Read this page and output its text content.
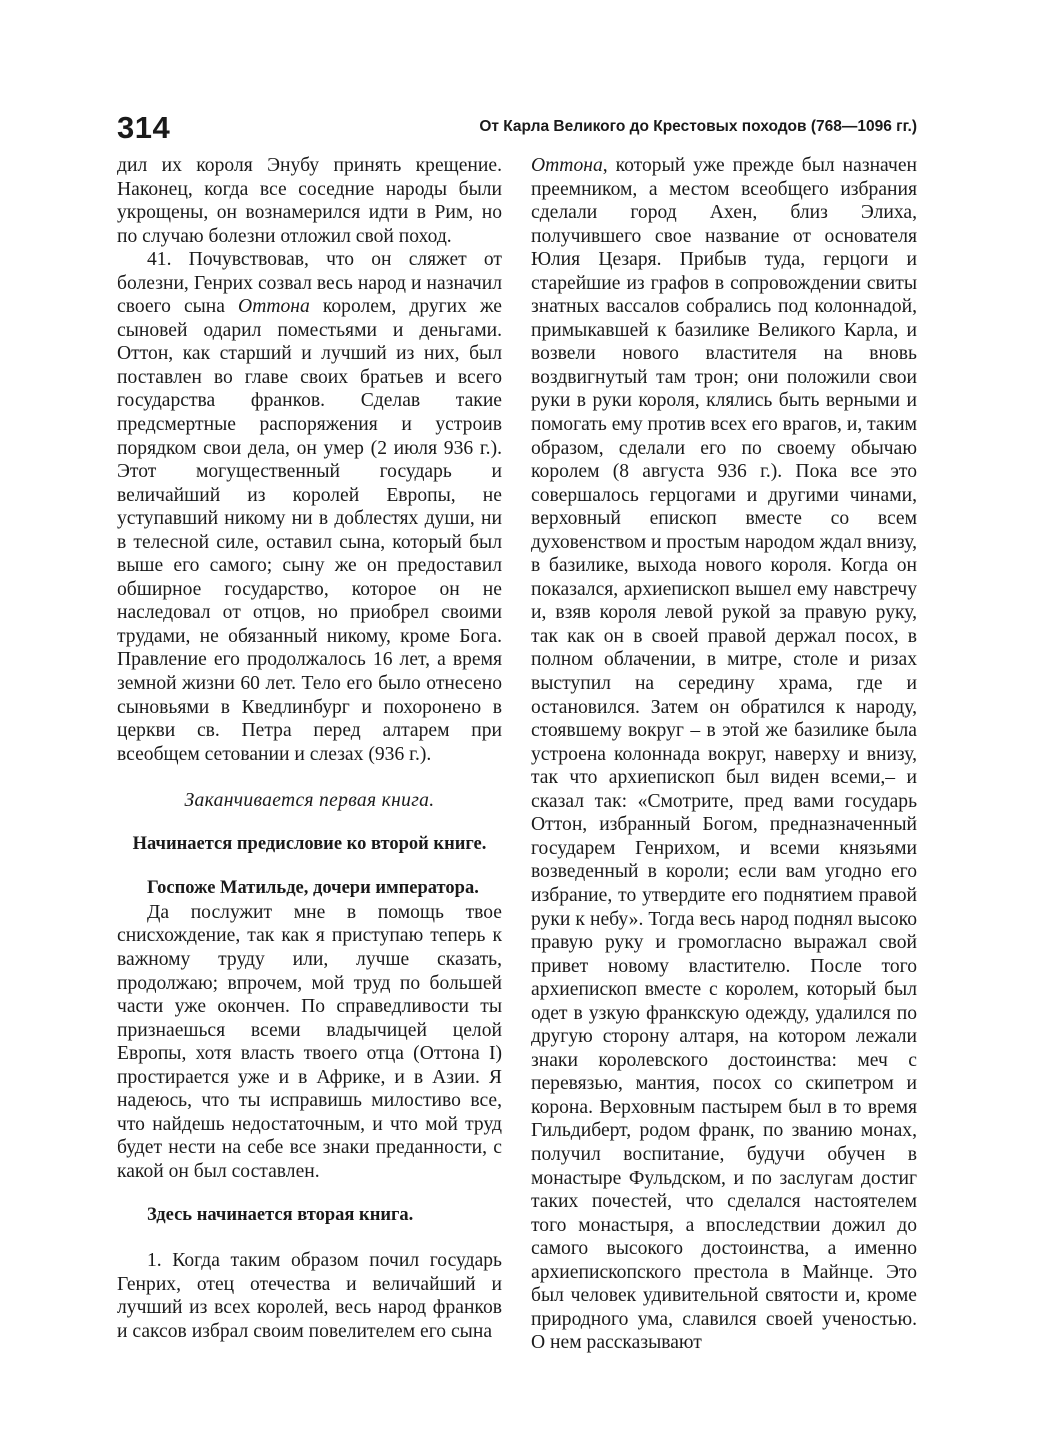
314	От Карла Великого до Крестовых походов (768—1096 гг.)

дил их короля Энубу принять крещение. Наконец, когда все соседние народы были укрощены, он вознамерился идти в Рим, но по случаю болезни отложил свой поход.

41. Почувствовав, что он сляжет от болезни, Генрих созвал весь народ и назначил своего сына Оттона королем, других же сыновей одарил поместьями и деньгами. Оттон, как старший и лучший из них, был поставлен во главе своих братьев и всего государства франков. Сделав такие предсмертные распоряжения и устроив порядком свои дела, он умер (2 июля 936 г.). Этот могущественный государь и величайший из королей Европы, не уступавший никому ни в доблестях души, ни в телесной силе, оставил сына, который был выше его самого; сыну же он предоставил обширное государство, которое он не наследовал от отцов, но приобрел своими трудами, не обязанный никому, кроме Бога. Правление его продолжалось 16 лет, а время земной жизни 60 лет. Тело его было отнесено сыновьями в Кведлинбург и похоронено в церкви св. Петра перед алтарем при всеобщем сетовании и слезах (936 г.).

Заканчивается первая книга.

Начинается предисловие ко второй книге.

Госпоже Матильде, дочери императора.

Да послужит мне в помощь твое снисхождение, так как я приступаю теперь к важному труду или, лучше сказать, продолжаю; впрочем, мой труд по большей части уже окончен. По справедливости ты признаешься всеми владычицей целой Европы, хотя власть твоего отца (Оттона I) простирается уже и в Африке, и в Азии. Я надеюсь, что ты исправишь милостиво все, что найдешь недостаточным, и что мой труд будет нести на себе все знаки преданности, с какой он был составлен.

Здесь начинается вторая книга.

1. Когда таким образом почил государь Генрих, отец отечества и величайший и лучший из всех королей, весь народ франков и саксов избрал своим повелителем его сына

Оттона, который уже прежде был назначен преемником, а местом всеобщего избрания сделали город Ахен, близ Элиха, получившего свое название от основателя Юлия Цезаря. Прибыв туда, герцоги и старейшие из графов в сопровождении свиты знатных вассалов собрались под колоннадой, примыкавшей к базилике Великого Карла, и возвели нового властителя на вновь воздвигнутый там трон; они положили свои руки в руки короля, клялись быть верными и помогать ему против всех его врагов, и, таким образом, сделали его по своему обычаю королем (8 августа 936 г.). Пока все это совершалось герцогами и другими чинами, верховный епископ вместе со всем духовенством и простым народом ждал внизу, в базилике, выхода нового короля. Когда он показался, архиепископ вышел ему навстречу и, взяв короля левой рукой за правую руку, так как он в своей правой держал посох, в полном облачении, в митре, столе и ризах выступил на середину храма, где и остановился. Затем он обратился к народу, стоявшему вокруг – в этой же базилике была устроена колоннада вокруг, наверху и внизу, так что архиепископ был виден всеми,– и сказал так: «Смотрите, пред вами государь Оттон, избранный Богом, предназначенный государем Генрихом, и всеми князьями возведенный в короли; если вам угодно его избрание, то утвердите его поднятием правой руки к небу». Тогда весь народ поднял высоко правую руку и громогласно выражал свой привет новому властителю. После того архиепископ вместе с королем, который был одет в узкую франкскую одежду, удалился по другую сторону алтаря, на котором лежали знаки королевского достоинства: меч с перевязью, мантия, посох со скипетром и корона. Верховным пастырем был в то время Гильдиберт, родом франк, по званию монах, получил воспитание, будучи обучен в монастыре Фульдском, и по заслугам достиг таких почестей, что сделался настоятелем того монастыря, а впоследствии дожил до самого высокого достоинства, а именно архиепископского престола в Майнце. Это был человек удивительной святости и, кроме природного ума, славился своей ученостью. О нем рассказывают
